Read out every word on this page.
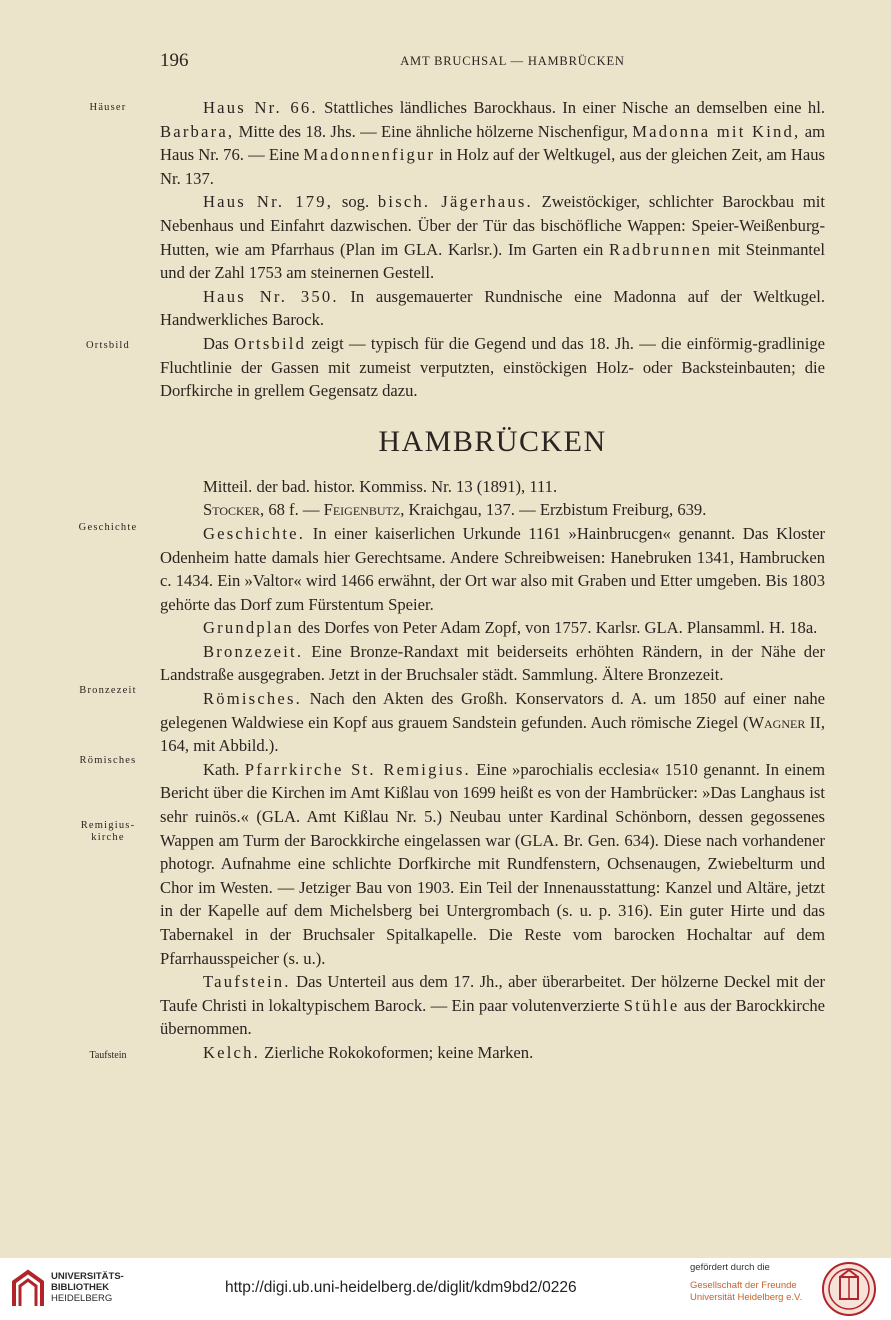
196	AMT BRUCHSAL — HAMBRÜCKEN
Häuser
Ortsbild
Geschichte
Bronzezeit
Römisches
Remigius-
kirche
Taufstein

Haus Nr. 66. Stattliches ländliches Barockhaus. In einer Nische an demselben eine hl. Barbara, Mitte des 18. Jhs. — Eine ähnliche hölzerne Nischenfigur, Madonna mit Kind, am Haus Nr. 76. — Eine Madonnenfigur in Holz auf der Weltkugel, aus der gleichen Zeit, am Haus Nr. 137.

Haus Nr. 179, sog. bisch. Jägerhaus. Zweistöckiger, schlichter Barockbau mit Nebenhaus und Einfahrt dazwischen. Über der Tür das bischöfliche Wappen: Speier-Weißenburg-Hutten, wie am Pfarrhaus (Plan im GLA. Karlsr.). Im Garten ein Radbrunnen mit Steinmantel und der Zahl 1753 am steinernen Gestell.

Haus Nr. 350. In ausgemauerter Rundnische eine Madonna auf der Weltkugel. Handwerkliches Barock.

Das Ortsbild zeigt — typisch für die Gegend und das 18. Jh. — die einförmig-gradlinige Fluchtlinie der Gassen mit zumeist verputzten, einstöckigen Holz- oder Backsteinbauten; die Dorfkirche in grellem Gegensatz dazu.

HAMBRÜCKEN

Mitteil. der bad. histor. Kommiss. Nr. 13 (1891), 111.

Stocker, 68 f. — Feigenbutz, Kraichgau, 137. — Erzbistum Freiburg, 639.

Geschichte. In einer kaiserlichen Urkunde 1161 »Hainbrucgen« genannt. Das Kloster Odenheim hatte damals hier Gerechtsame. Andere Schreibweisen: Hanebruken 1341, Hambrucken c. 1434. Ein »Valtor« wird 1466 erwähnt, der Ort war also mit Graben und Etter umgeben. Bis 1803 gehörte das Dorf zum Fürstentum Speier.

Grundplan des Dorfes von Peter Adam Zopf, von 1757. Karlsr. GLA. Plansamml. H. 18a.

Bronzezeit. Eine Bronze-Randaxt mit beiderseits erhöhten Rändern, in der Nähe der Landstraße ausgegraben. Jetzt in der Bruchsaler städt. Sammlung. Ältere Bronzezeit.

Römisches. Nach den Akten des Großh. Konservators d. A. um 1850 auf einer nahe gelegenen Waldwiese ein Kopf aus grauem Sandstein gefunden. Auch römische Ziegel (Wagner II, 164, mit Abbild.).

Kath. Pfarrkirche St. Remigius. Eine »parochialis ecclesia« 1510 genannt. In einem Bericht über die Kirchen im Amt Kißlau von 1699 heißt es von der Hambrücker: »Das Langhaus ist sehr ruinös.« (GLA. Amt Kißlau Nr. 5.) Neubau unter Kardinal Schönborn, dessen gegossenes Wappen am Turm der Barockkirche eingelassen war (GLA. Br. Gen. 634). Diese nach vorhandener photogr. Aufnahme eine schlichte Dorfkirche mit Rundfenstern, Ochsenaugen, Zwiebelturm und Chor im Westen. — Jetziger Bau von 1903. Ein Teil der Innenausstattung: Kanzel und Altäre, jetzt in der Kapelle auf dem Michelsberg bei Untergrombach (s. u. p. 316). Ein guter Hirte und das Tabernakel in der Bruchsaler Spitalkapelle. Die Reste vom barocken Hochaltar auf dem Pfarrhausspeicher (s. u.).

Taufstein. Das Unterteil aus dem 17. Jh., aber überarbeitet. Der hölzerne Deckel mit der Taufe Christi in lokaltypischem Barock. — Ein paar volutenverzierte Stühle aus der Barockkirche übernommen.

Kelch. Zierliche Rokokoformen; keine Marken.

UNIVERSITÄTS-
BIBLIOTHEK
HEIDELBERG
http://digi.ub.uni-heidelberg.de/diglit/kdm9bd2/0226
gefördert durch die
Gesellschaft der Freunde
Universität Heidelberg e.V.
